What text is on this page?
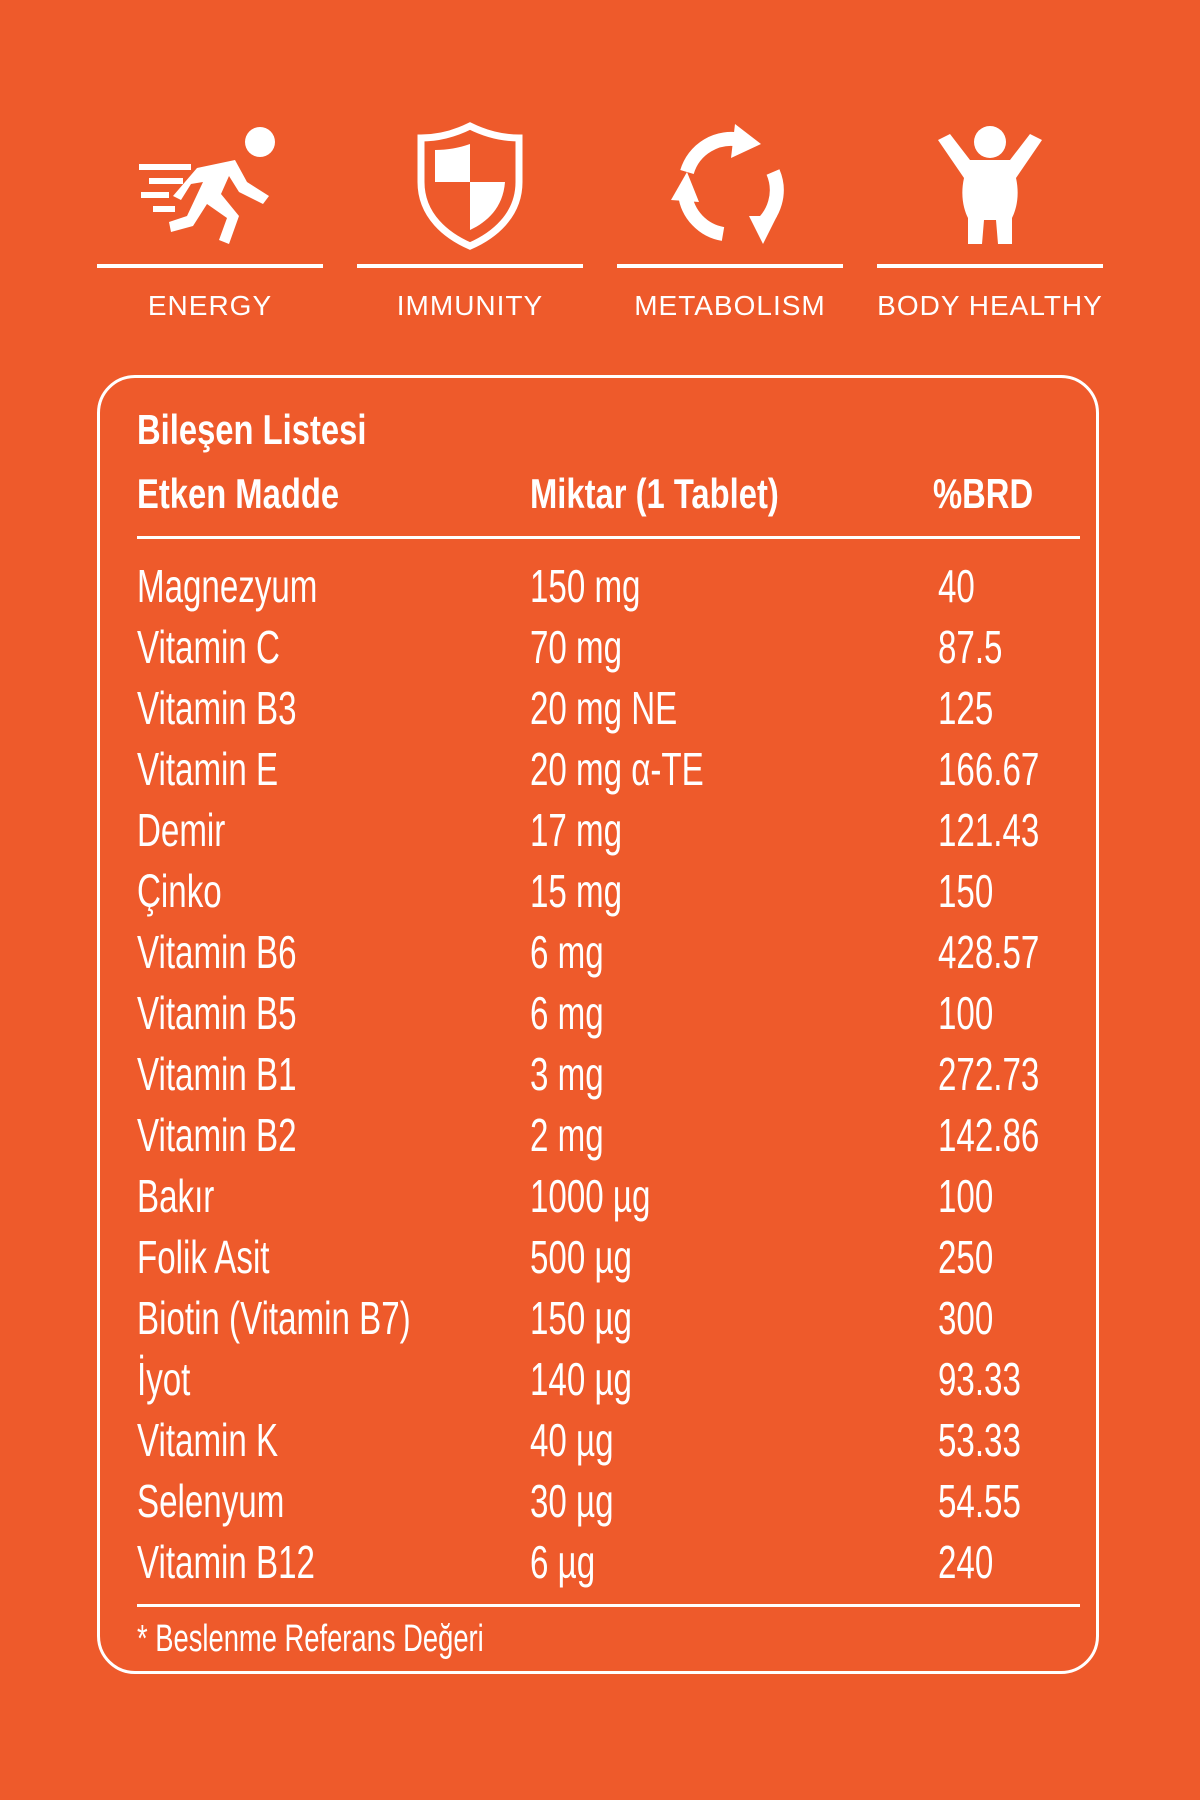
ENERGY	IMMUNITY	METABOLISM	BODY HEALTHY
Bileşen Listesi
Etken Madde	Miktar (1 Tablet)	%BRD
Magnezyum	150 mg	40
Vitamin C	70 mg	87.5
Vitamin B3	20 mg NE	125
Vitamin E	20 mg α-TE	166.67
Demir	17 mg	121.43
Çinko	15 mg	150
Vitamin B6	6 mg	428.57
Vitamin B5	6 mg	100
Vitamin B1	3 mg	272.73
Vitamin B2	2 mg	142.86
Bakır	1000 µg	100
Folik Asit	500 µg	250
Biotin (Vitamin B7)	150 µg	300
İyot	140 µg	93.33
Vitamin K	40 µg	53.33
Selenyum	30 µg	54.55
Vitamin B12	6 µg	240
* Beslenme Referans Değeri
